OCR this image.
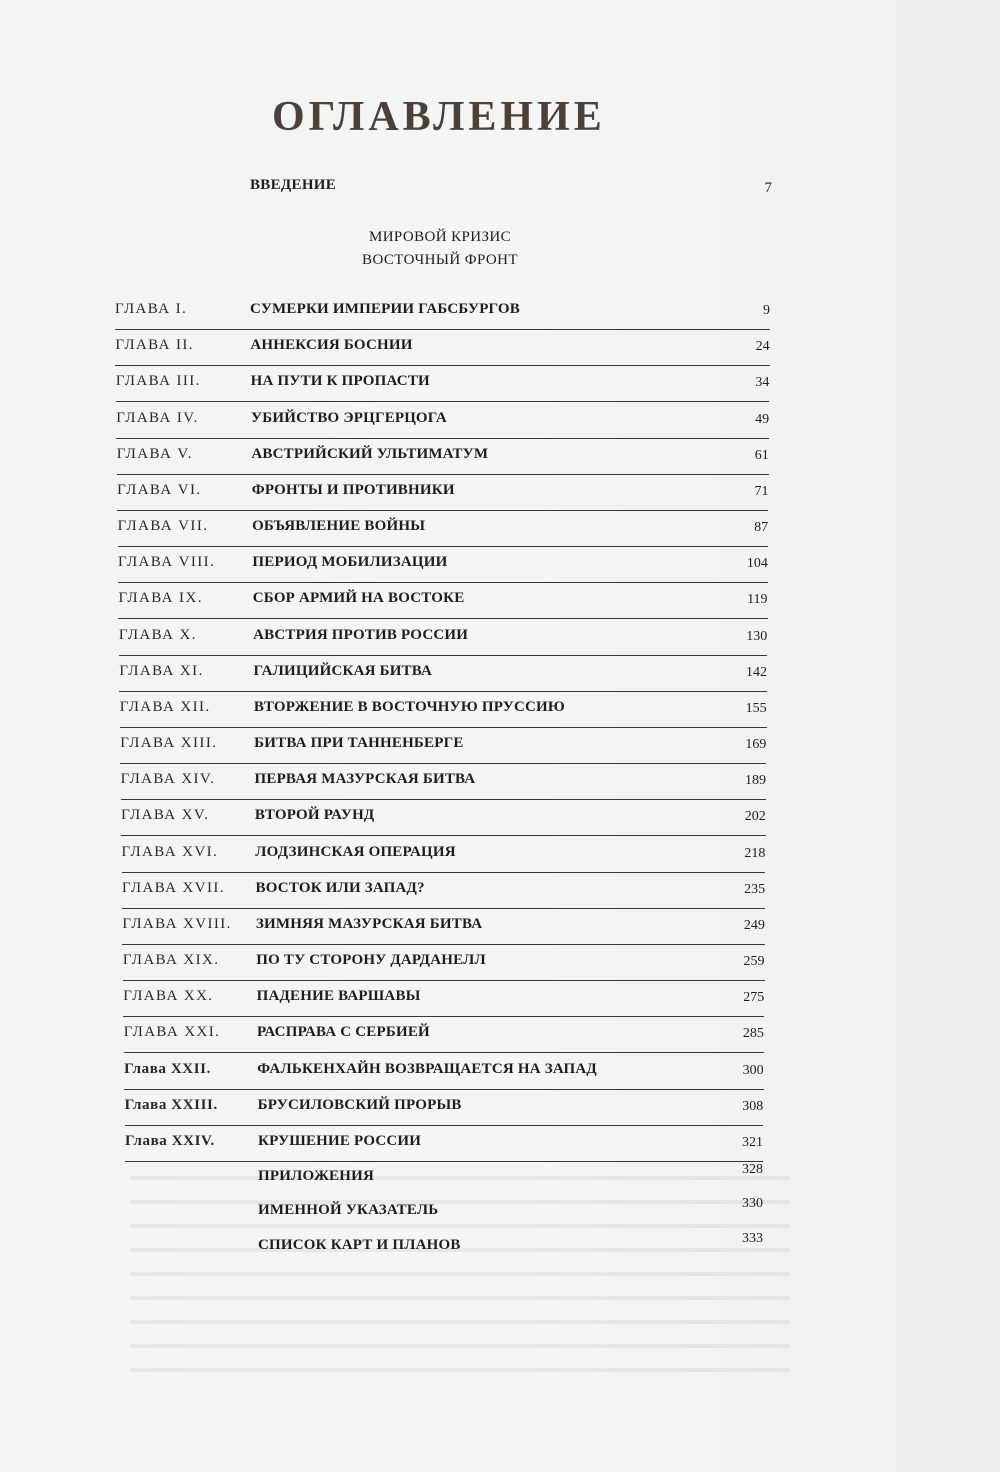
ОГЛАВЛЕНИЕ
ВВЕДЕНИЕ	7
МИРОВОЙ КРИЗИС
ВОСТОЧНЫЙ ФРОНТ
ГЛАВА I.	СУМЕРКИ ИМПЕРИИ ГАБСБУРГОВ	9
ГЛАВА II.	АННЕКСИЯ БОСНИИ	24
ГЛАВА III.	НА ПУТИ К ПРОПАСТИ	34
ГЛАВА IV.	УБИЙСТВО ЭРЦГЕРЦОГА	49
ГЛАВА V.	АВСТРИЙСКИЙ УЛЬТИМАТУМ	61
ГЛАВА VI.	ФРОНТЫ И ПРОТИВНИКИ	71
ГЛАВА VII.	ОБЪЯВЛЕНИЕ ВОЙНЫ	87
ГЛАВА VIII. ПЕРИОД МОБИЛИЗАЦИИ	104
ГЛАВА IX.	СБОР АРМИЙ НА ВОСТОКЕ	119
ГЛАВА X.	АВСТРИЯ ПРОТИВ РОССИИ	130
ГЛАВА XI.	ГАЛИЦИЙСКАЯ БИТВА	142
ГЛАВА XII.	ВТОРЖЕНИЕ В ВОСТОЧНУЮ ПРУССИЮ	155
ГЛАВА XIII. БИТВА ПРИ ТАННЕНБЕРГЕ	169
ГЛАВА XIV.	ПЕРВАЯ МАЗУРСКАЯ БИТВА	189
ГЛАВА XV.	ВТОРОЙ РАУНД	202
ГЛАВА XVI. ЛОДЗИНСКАЯ ОПЕРАЦИЯ	218
ГЛАВА XVII. ВОСТОК ИЛИ ЗАПАД?	235
ГЛАВА XVIII. ЗИМНЯЯ МАЗУРСКАЯ БИТВА	249
ГЛАВА XIX. ПО ТУ СТОРОНУ ДАРДАНЕЛЛ	259
ГЛАВА XX.	ПАДЕНИЕ ВАРШАВЫ	275
ГЛАВА XXI. РАСПРАВА С СЕРБИЕЙ	285
Глава XXII.	ФАЛЬКЕНХАЙН ВОЗВРАЩАЕТСЯ НА ЗАПАД	300
Глава XXIII.	БРУСИЛОВСКИЙ ПРОРЫВ	308
Глава XXIV.	КРУШЕНИЕ РОССИИ	321
ПРИЛОЖЕНИЯ	328
ИМЕННОЙ УКАЗАТЕЛЬ	330
СПИСОК КАРТ И ПЛАНОВ	333
